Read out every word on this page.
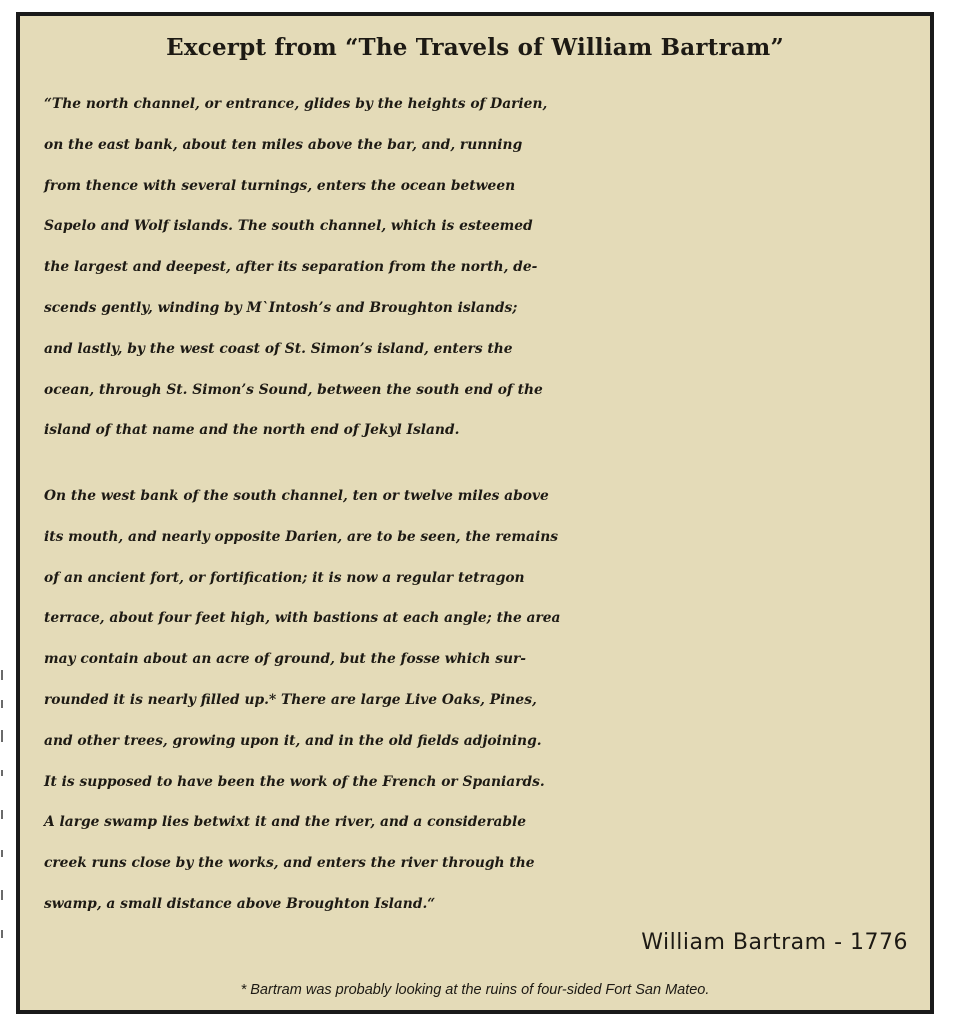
Excerpt from “The Travels of William Bartram”

“The north channel, or entrance, glides by the heights of Darien,
on the east bank, about ten miles above the bar, and, running
from thence with several turnings, enters the ocean between
Sapelo and Wolf islands. The south channel, which is esteemed
the largest and deepest, after its separation from the north, de-
scends gently, winding by M`Intosh’s and Broughton islands;
and lastly, by the west coast of St. Simon’s island, enters the
ocean, through St. Simon’s Sound, between the south end of the
island of that name and the north end of Jekyl Island.

On the west bank of the south channel, ten or twelve miles above
its mouth, and nearly opposite Darien, are to be seen, the remains
of an ancient fort, or fortification; it is now a regular tetragon
terrace, about four feet high, with bastions at each angle; the area
may contain about an acre of ground, but the fosse which sur-
rounded it is nearly filled up.* There are large Live Oaks, Pines,
and other trees, growing upon it, and in the old fields adjoining.
It is supposed to have been the work of the French or Spaniards.
A large swamp lies betwixt it and the river, and a considerable
creek runs close by the works, and enters the river through the
swamp, a small distance above Broughton Island.“

William Bartram - 1776
* Bartram was probably looking at the ruins of four-sided Fort San Mateo.
